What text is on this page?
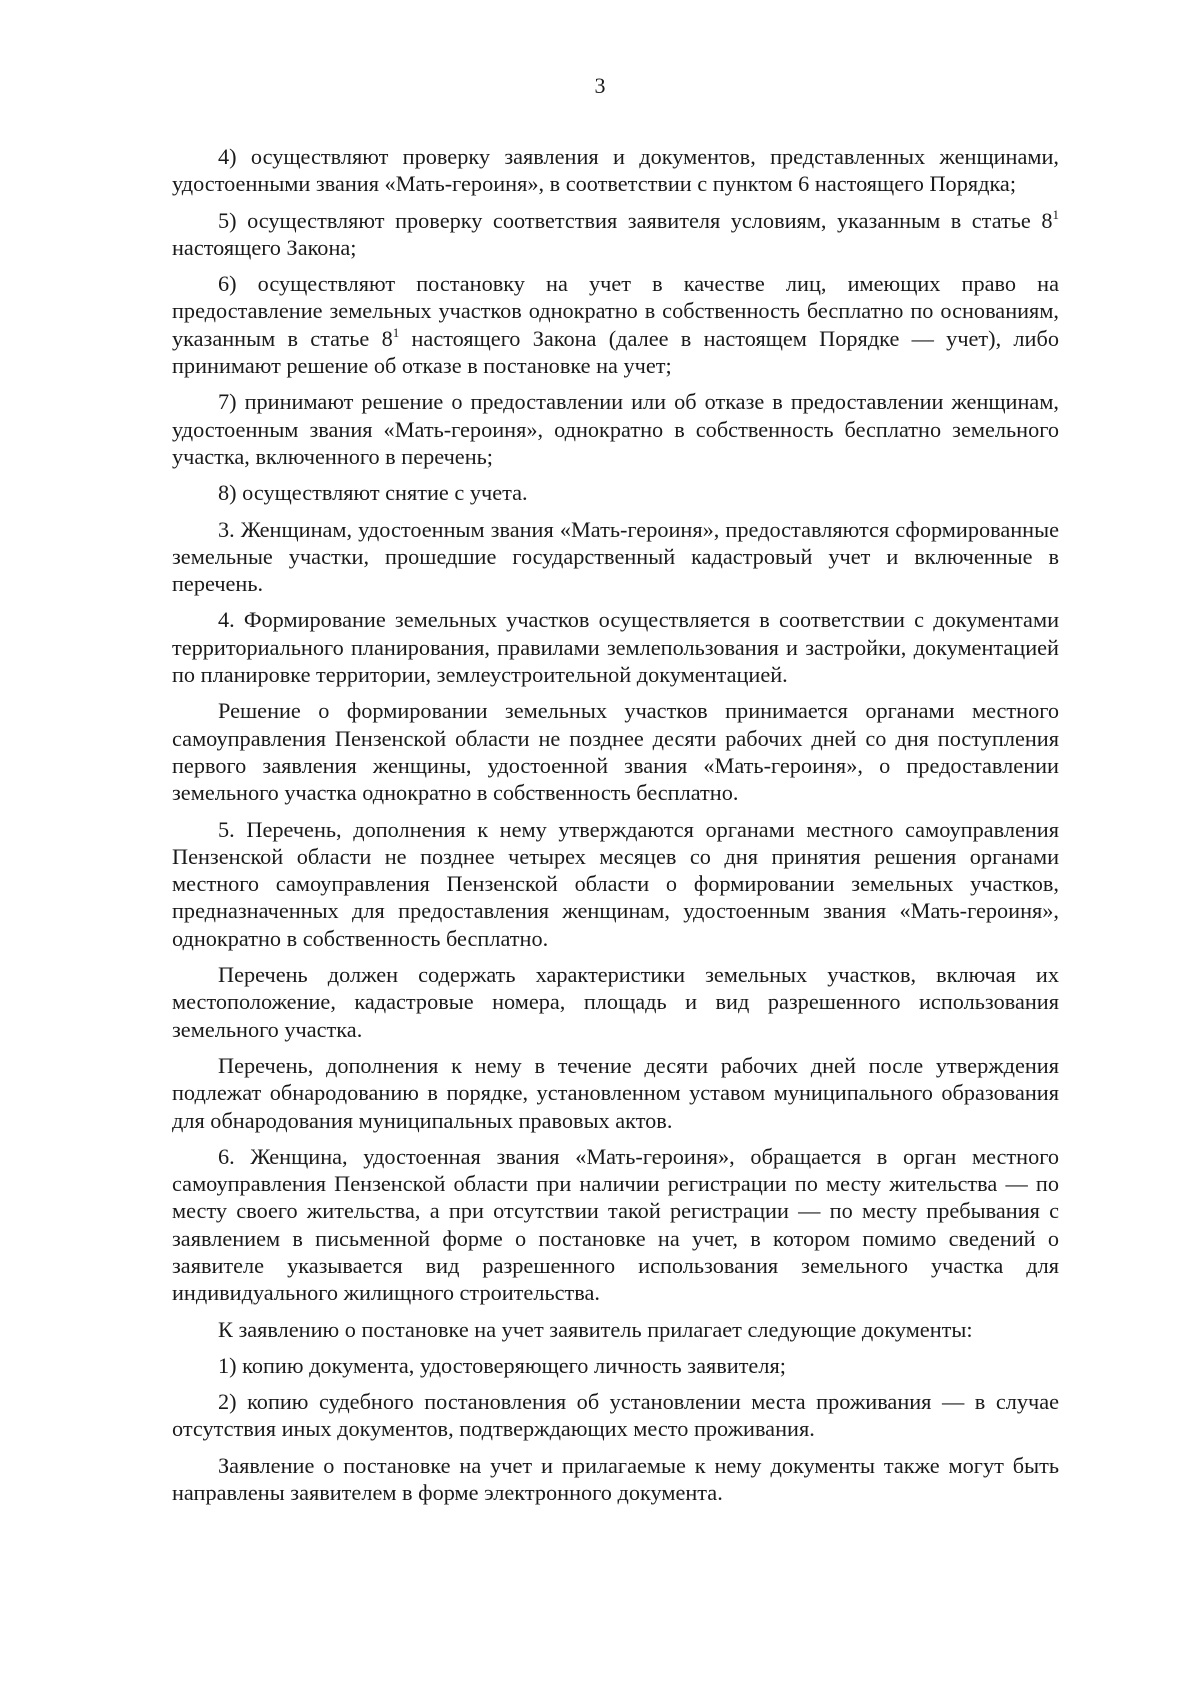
3

4) осуществляют проверку заявления и документов, представленных женщинами, удостоенными звания «Мать-героиня», в соответствии с пунктом 6 настоящего Порядка;

5) осуществляют проверку соответствия заявителя условиям, указанным в статье $8^1$ настоящего Закона;

6) осуществляют постановку на учет в качестве лиц, имеющих право на предоставление земельных участков однократно в собственность бесплатно по основаниям, указанным в статье $8^1$ настоящего Закона (далее в настоящем Порядке — учет), либо принимают решение об отказе в постановке на учет;

7) принимают решение о предоставлении или об отказе в предоставлении женщинам, удостоенным звания «Мать-героиня», однократно в собственность бесплатно земельного участка, включенного в перечень;

8) осуществляют снятие с учета.

3. Женщинам, удостоенным звания «Мать-героиня», предоставляются сформированные земельные участки, прошедшие государственный кадастровый учет и включенные в перечень.

4. Формирование земельных участков осуществляется в соответствии с документами территориального планирования, правилами землепользования и застройки, документацией по планировке территории, землеустроительной документацией.

Решение о формировании земельных участков принимается органами местного самоуправления Пензенской области не позднее десяти рабочих дней со дня поступления первого заявления женщины, удостоенной звания «Мать-героиня», о предоставлении земельного участка однократно в собственность бесплатно.

5. Перечень, дополнения к нему утверждаются органами местного самоуправления Пензенской области не позднее четырех месяцев со дня принятия решения органами местного самоуправления Пензенской области о формировании земельных участков, предназначенных для предоставления женщинам, удостоенным звания «Мать-героиня», однократно в собственность бесплатно.

Перечень должен содержать характеристики земельных участков, включая их местоположение, кадастровые номера, площадь и вид разрешенного использования земельного участка.

Перечень, дополнения к нему в течение десяти рабочих дней после утверждения подлежат обнародованию в порядке, установленном уставом муниципального образования для обнародования муниципальных правовых актов.

6. Женщина, удостоенная звания «Мать-героиня», обращается в орган местного самоуправления Пензенской области при наличии регистрации по месту жительства — по месту своего жительства, а при отсутствии такой регистрации — по месту пребывания с заявлением в письменной форме о постановке на учет, в котором помимо сведений о заявителе указывается вид разрешенного использования земельного участка для индивидуального жилищного строительства.

К заявлению о постановке на учет заявитель прилагает следующие документы:

1) копию документа, удостоверяющего личность заявителя;

2) копию судебного постановления об установлении места проживания — в случае отсутствия иных документов, подтверждающих место проживания.

Заявление о постановке на учет и прилагаемые к нему документы также могут быть направлены заявителем в форме электронного документа.
